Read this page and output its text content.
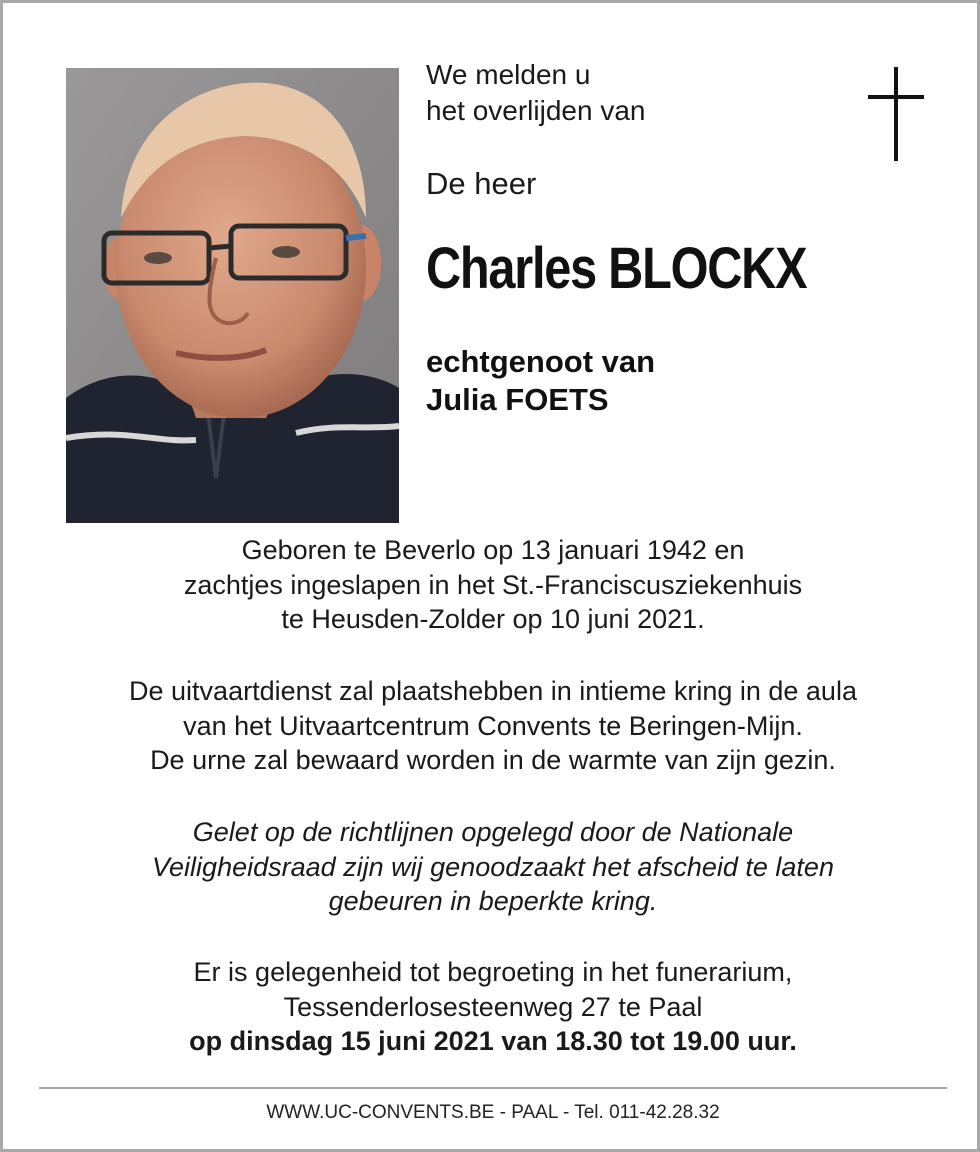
We melden u
het overlijden van
De heer
Charles BLOCKX
echtgenoot van
Julia FOETS
Geboren te Beverlo op 13 januari 1942 en
zachtjes ingeslapen in het St.-Franciscusziekenhuis
te Heusden-Zolder op 10 juni 2021.
De uitvaartdienst zal plaatshebben in intieme kring in de aula
van het Uitvaartcentrum Convents te Beringen-Mijn.
De urne zal bewaard worden in de warmte van zijn gezin.
Gelet op de richtlijnen opgelegd door de Nationale
Veiligheidsraad zijn wij genoodzaakt het afscheid te laten
gebeuren in beperkte kring.
Er is gelegenheid tot begroeting in het funerarium,
Tessenderlosesteenweg 27 te Paal
op dinsdag 15 juni 2021 van 18.30 tot 19.00 uur.
WWW.UC-CONVENTS.BE - PAAL - Tel. 011-42.28.32
